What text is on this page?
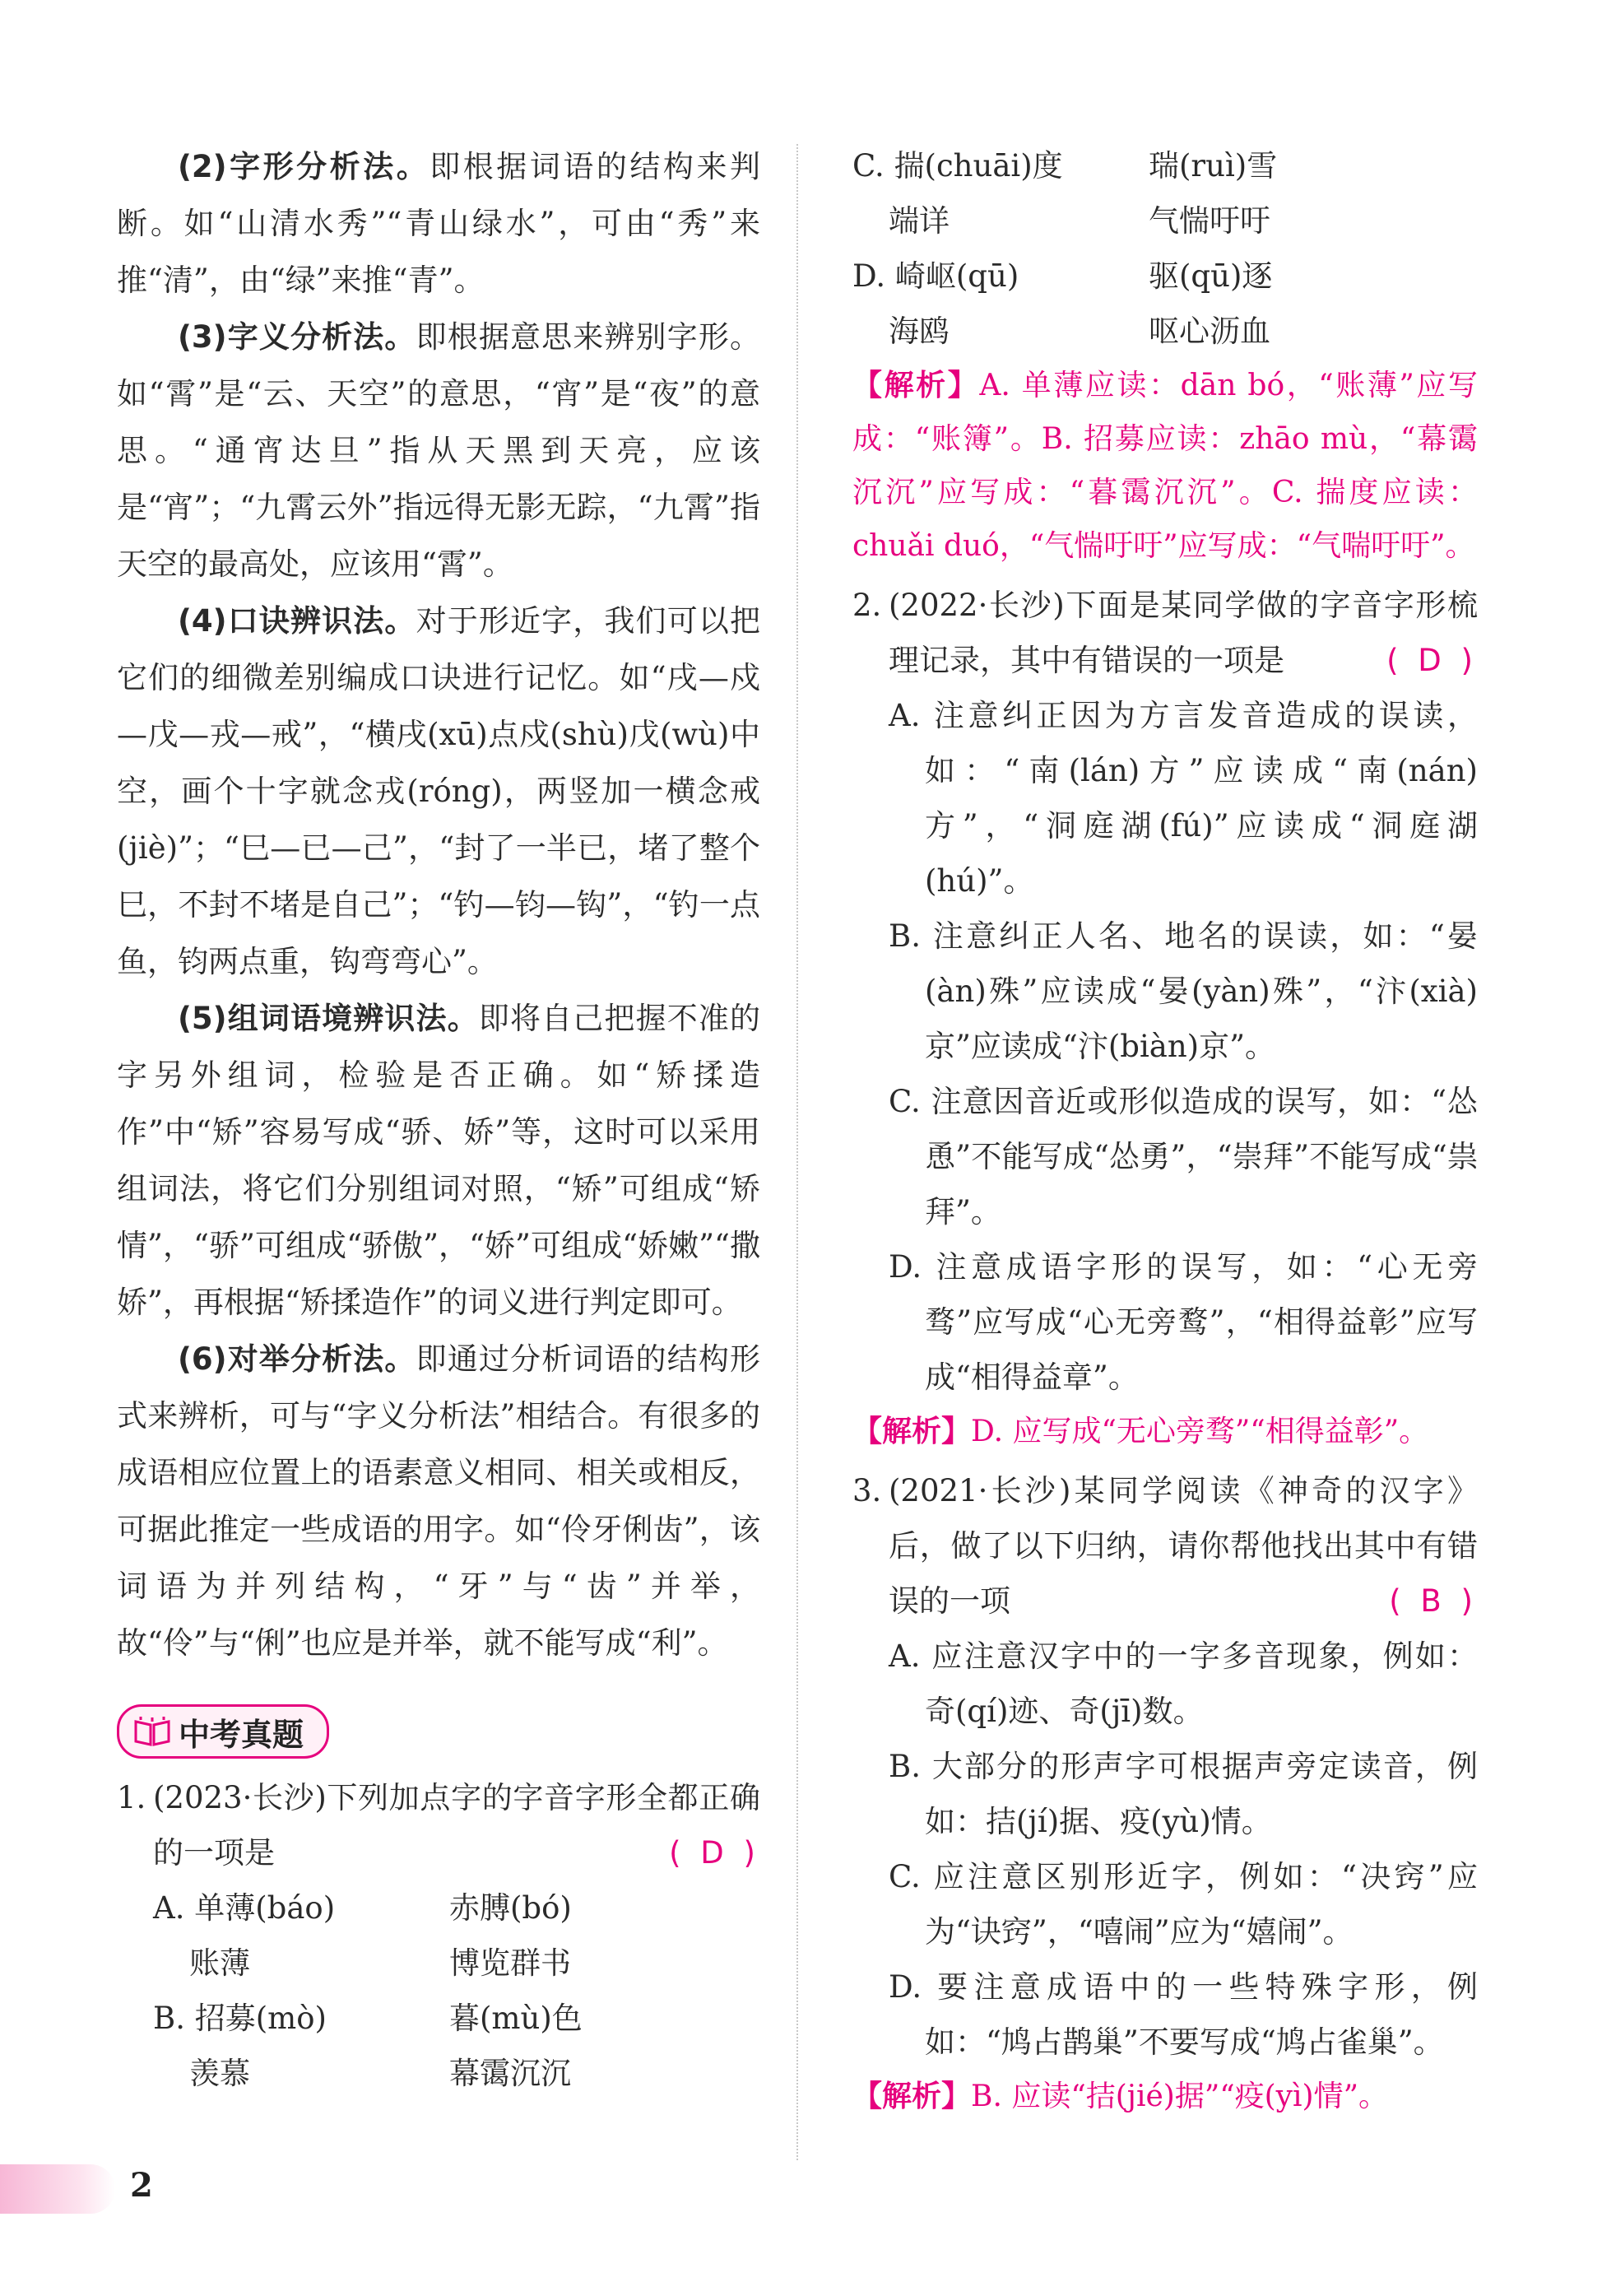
(2)字形分析法。即根据词语的结构来判断。如“山清水秀”“青山绿水”，可由“秀”来推“清”，由“绿”来推“青”。

(3)字义分析法。即根据意思来辨别字形。如“霄”是“云、天空”的意思，“宵”是“夜”的意思。“通宵达旦”指从天黑到天亮，应该是“宵”；“九霄云外”指远得无影无踪，“九霄”指天空的最高处，应该用“霄”。

(4)口诀辨识法。对于形近字，我们可以把它们的细微差别编成口诀进行记忆。如“戌—戍—戊—戎—戒”，“横戌(xū)点戍(shù)戊(wù)中空，画个十字就念戎(róng)，两竖加一横念戒(jiè)”；“巳—已—己”，“封了一半已，堵了整个巳，不封不堵是自己”；“钓—钧—钩”，“钓一点鱼，钧两点重，钩弯弯心”。

(5)组词语境辨识法。即将自己把握不准的字另外组词，检验是否正确。如“矫揉造作”中“矫”容易写成“骄、娇”等，这时可以采用组词法，将它们分别组词对照，“矫”可组成“矫情”，“骄”可组成“骄傲”，“娇”可组成“娇嫩”“撒娇”，再根据“矫揉造作”的词义进行判定即可。

(6)对举分析法。即通过分析词语的结构形式来辨析，可与“字义分析法”相结合。有很多的成语相应位置上的语素意义相同、相关或相反，可据此推定一些成语的用字。如“伶牙俐齿”，该词语为并列结构，“牙”与“齿”并举，故“伶”与“俐”也应是并举，就不能写成“利”。

中考真题

1. (2023·长沙)下列加点字的字音字形全都正确的一项是	( D )

A. 单薄(báo)	赤膊(bó)
账薄	博览群书
B. 招募(mò)	暮(mù)色
羡慕	幕霭沉沉
C. 揣(chuāi)度	瑞(ruì)雪
端详	气惴吁吁
D. 崎岖(qū)	驱(qū)逐
海鸥	呕心沥血

【解析】A. 单薄应读：dān bó，“账薄”应写成：“账簿”。B. 招募应读：zhāo mù，“幕霭沉沉”应写成：“暮霭沉沉”。C. 揣度应读：chuǎi duó，“气惴吁吁”应写成：“气喘吁吁”。

2. (2022·长沙)下面是某同学做的字音字形梳理记录，其中有错误的一项是	( D )

A. 注意纠正因为方言发音造成的误读，如：“南(lán)方”应读成“南(nán)方”，“洞庭湖(fú)”应读成“洞庭湖(hú)”。

B. 注意纠正人名、地名的误读，如：“晏(àn)殊”应读成“晏(yàn)殊”，“汴(xià)京”应读成“汴(biàn)京”。

C. 注意因音近或形似造成的误写，如：“怂恿”不能写成“怂勇”，“崇拜”不能写成“祟拜”。

D. 注意成语字形的误写，如：“心无旁骛”应写成“心无旁鹜”，“相得益彰”应写成“相得益章”。

【解析】D. 应写成“无心旁骛”“相得益彰”。

3. (2021·长沙)某同学阅读《神奇的汉字》后，做了以下归纳，请你帮他找出其中有错误的一项	( B )

A. 应注意汉字中的一字多音现象，例如：奇(qí)迹、奇(jī)数。

B. 大部分的形声字可根据声旁定读音，例如：拮(jí)据、疫(yù)情。

C. 应注意区别形近字，例如：“决窍”应为“诀窍”，“嘻闹”应为“嬉闹”。

D. 要注意成语中的一些特殊字形，例如：“鸠占鹊巢”不要写成“鸠占雀巢”。

【解析】B. 应读“拮(jié)据”“疫(yì)情”。

2
